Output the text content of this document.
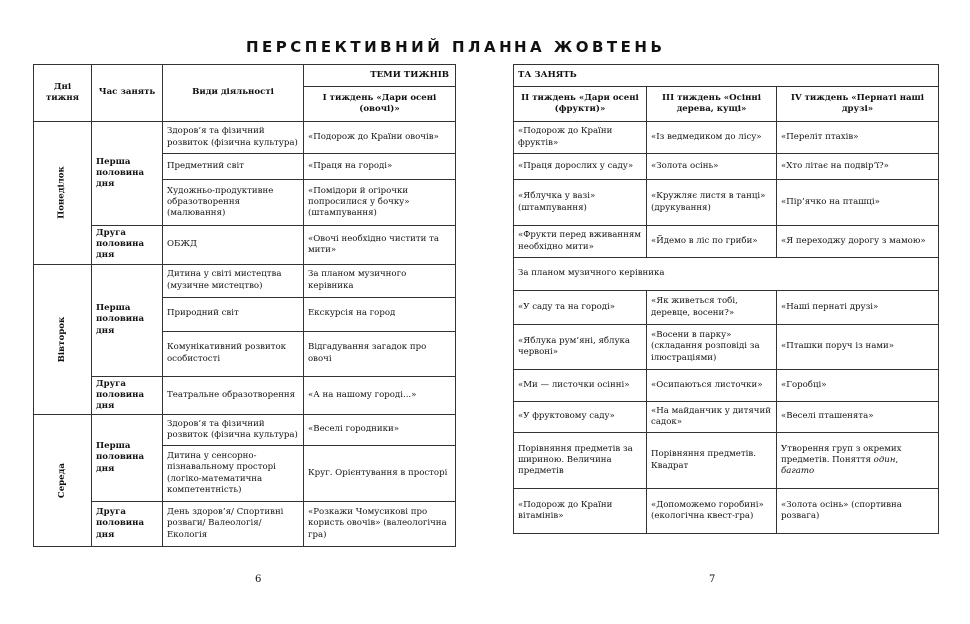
ПЕРСПЕКТИВНИЙ ПЛАН
НА ЖОВТЕНЬ
Дні тижня	Час занять	Види діяльності	ТЕМИ ТИЖНІВ
			І тиждень «Дари осені (овочі)»
Понеділок	Перша половина дня	Здоров’я та фізичний розвиток (фізична культура)	«Подорож до Країни овочів»
		Предметний світ	«Праця на городі»
		Художньо-продуктивне образотворення (малювання)	«Помідори й огірочки попросилися у бочку» (штампування)
	Друга половина дня	ОБЖД	«Овочі необхідно чистити та мити»
Вівторок	Перша половина дня	Дитина у світі мистецтва (музичне мистецтво)	За планом музичного керівника
		Природний світ	Екскурсія на город
		Комунікативний розвиток особистості	Відгадування загадок про овочі
	Друга половина дня	Театральне образотворення	«А на нашому городі...»
Середа	Перша половина дня	Здоров’я та фізичний розвиток (фізична культура)	«Веселі городники»
		Дитина у сенсорно-пізнавальному просторі (логіко-математична компетентність)	Круг. Орієнтування в просторі
	Друга половина дня	День здоров’я/ Спортивні розваги/ Валеологія/ Екологія	«Розкажи Чомусикові про користь овочів» (валеологічна гра)
ТА ЗАНЯТЬ		
ІІ тиждень «Дари осені (фрукти)»	ІІІ тиждень «Осінні дерева, кущі»	IV тиждень «Пернаті наші друзі»
«Подорож до Країни фруктів»	«Із ведмедиком до лісу»	«Переліт птахів»
«Праця дорослих у саду»	«Золота осінь»	«Хто літає на подвір’ї?»
«Яблучка у вазі» (штампування)	«Кружляє листя в танці» (друкування)	«Пір’ячко на пташці»
«Фрукти перед вживанням необхідно мити»	«Йдемо в ліс по гриби»	«Я переходжу дорогу з мамою»
За планом музичного керівника		
«У саду та на городі»	«Як живеться тобі, деревце, восени?»	«Наші пернаті друзі»
«Яблука рум’яні, яблука червоні»	«Восени в парку» (складання розповіді за ілюстраціями)	«Пташки поруч із нами»
«Ми — листочки осінні»	«Осипаються листочки»	«Горобці»
«У фруктовому саду»	«На майданчик у дитячий садок»	«Веселі пташенята»
Порівняння предметів за шириною. Величина предметів	Порівняння предметів. Квадрат	Утворення груп з окремих предметів. Поняття один, багато
«Подорож до Країни вітамінів»	«Допоможемо горобині» (екологічна квест-гра)	«Золота осінь» (спортивна розвага)
6	7
